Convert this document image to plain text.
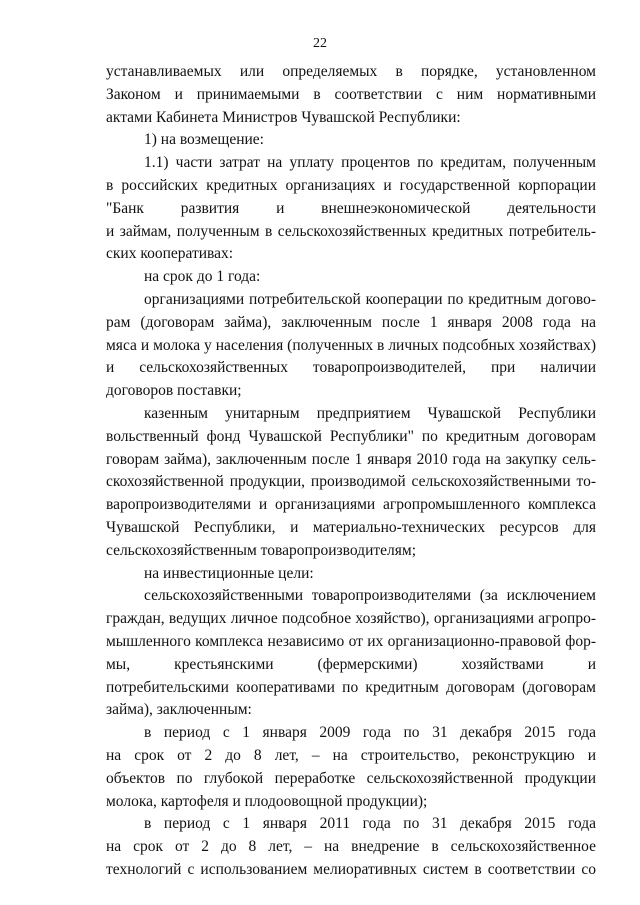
22
устанавливаемых или определяемых в порядке, установленном
Законом и принимаемыми в соответствии с ним нормативными
актами Кабинета Министров Чувашской Республики:
1) на возмещение:
1.1) части затрат на уплату процентов по кредитам, полученным
в российских кредитных организациях и государственной корпорации
"Банк развития и внешнеэкономической деятельности
и займам, полученным в сельскохозяйственных кредитных потребитель-
ских кооперативах:
на срок до 1 года:
организациями потребительской кооперации по кредитным догово-
рам (договорам займа), заключенным после 1 января 2008 года на
мяса и молока у населения (полученных в личных подсобных хозяйствах)
и сельскохозяйственных товаропроизводителей, при наличии
договоров поставки;
казенным унитарным предприятием Чувашской Республики
вольственный фонд Чувашской Республики" по кредитным договорам
говорам займа), заключенным после 1 января 2010 года на закупку сель-
скохозяйственной продукции, производимой сельскохозяйственными то-
варопроизводителями и организациями агропромышленного комплекса
Чувашской Республики, и материально-технических ресурсов для
сельскохозяйственным товаропроизводителям;
на инвестиционные цели:
сельскохозяйственными товаропроизводителями (за исключением
граждан, ведущих личное подсобное хозяйство), организациями агропро-
мышленного комплекса независимо от их организационно-правовой фор-
мы, крестьянскими (фермерскими) хозяйствами и
потребительскими кооперативами по кредитным договорам (договорам
займа), заключенным:
в период с 1 января 2009 года по 31 декабря 2015 года
на срок от 2 до 8 лет, – на строительство, реконструкцию и
объектов по глубокой переработке сельскохозяйственной продукции
молока, картофеля и плодоовощной продукции);
в период с 1 января 2011 года по 31 декабря 2015 года
на срок от 2 до 8 лет, – на внедрение в сельскохозяйственное
технологий с использованием мелиоративных систем в соответствии со
